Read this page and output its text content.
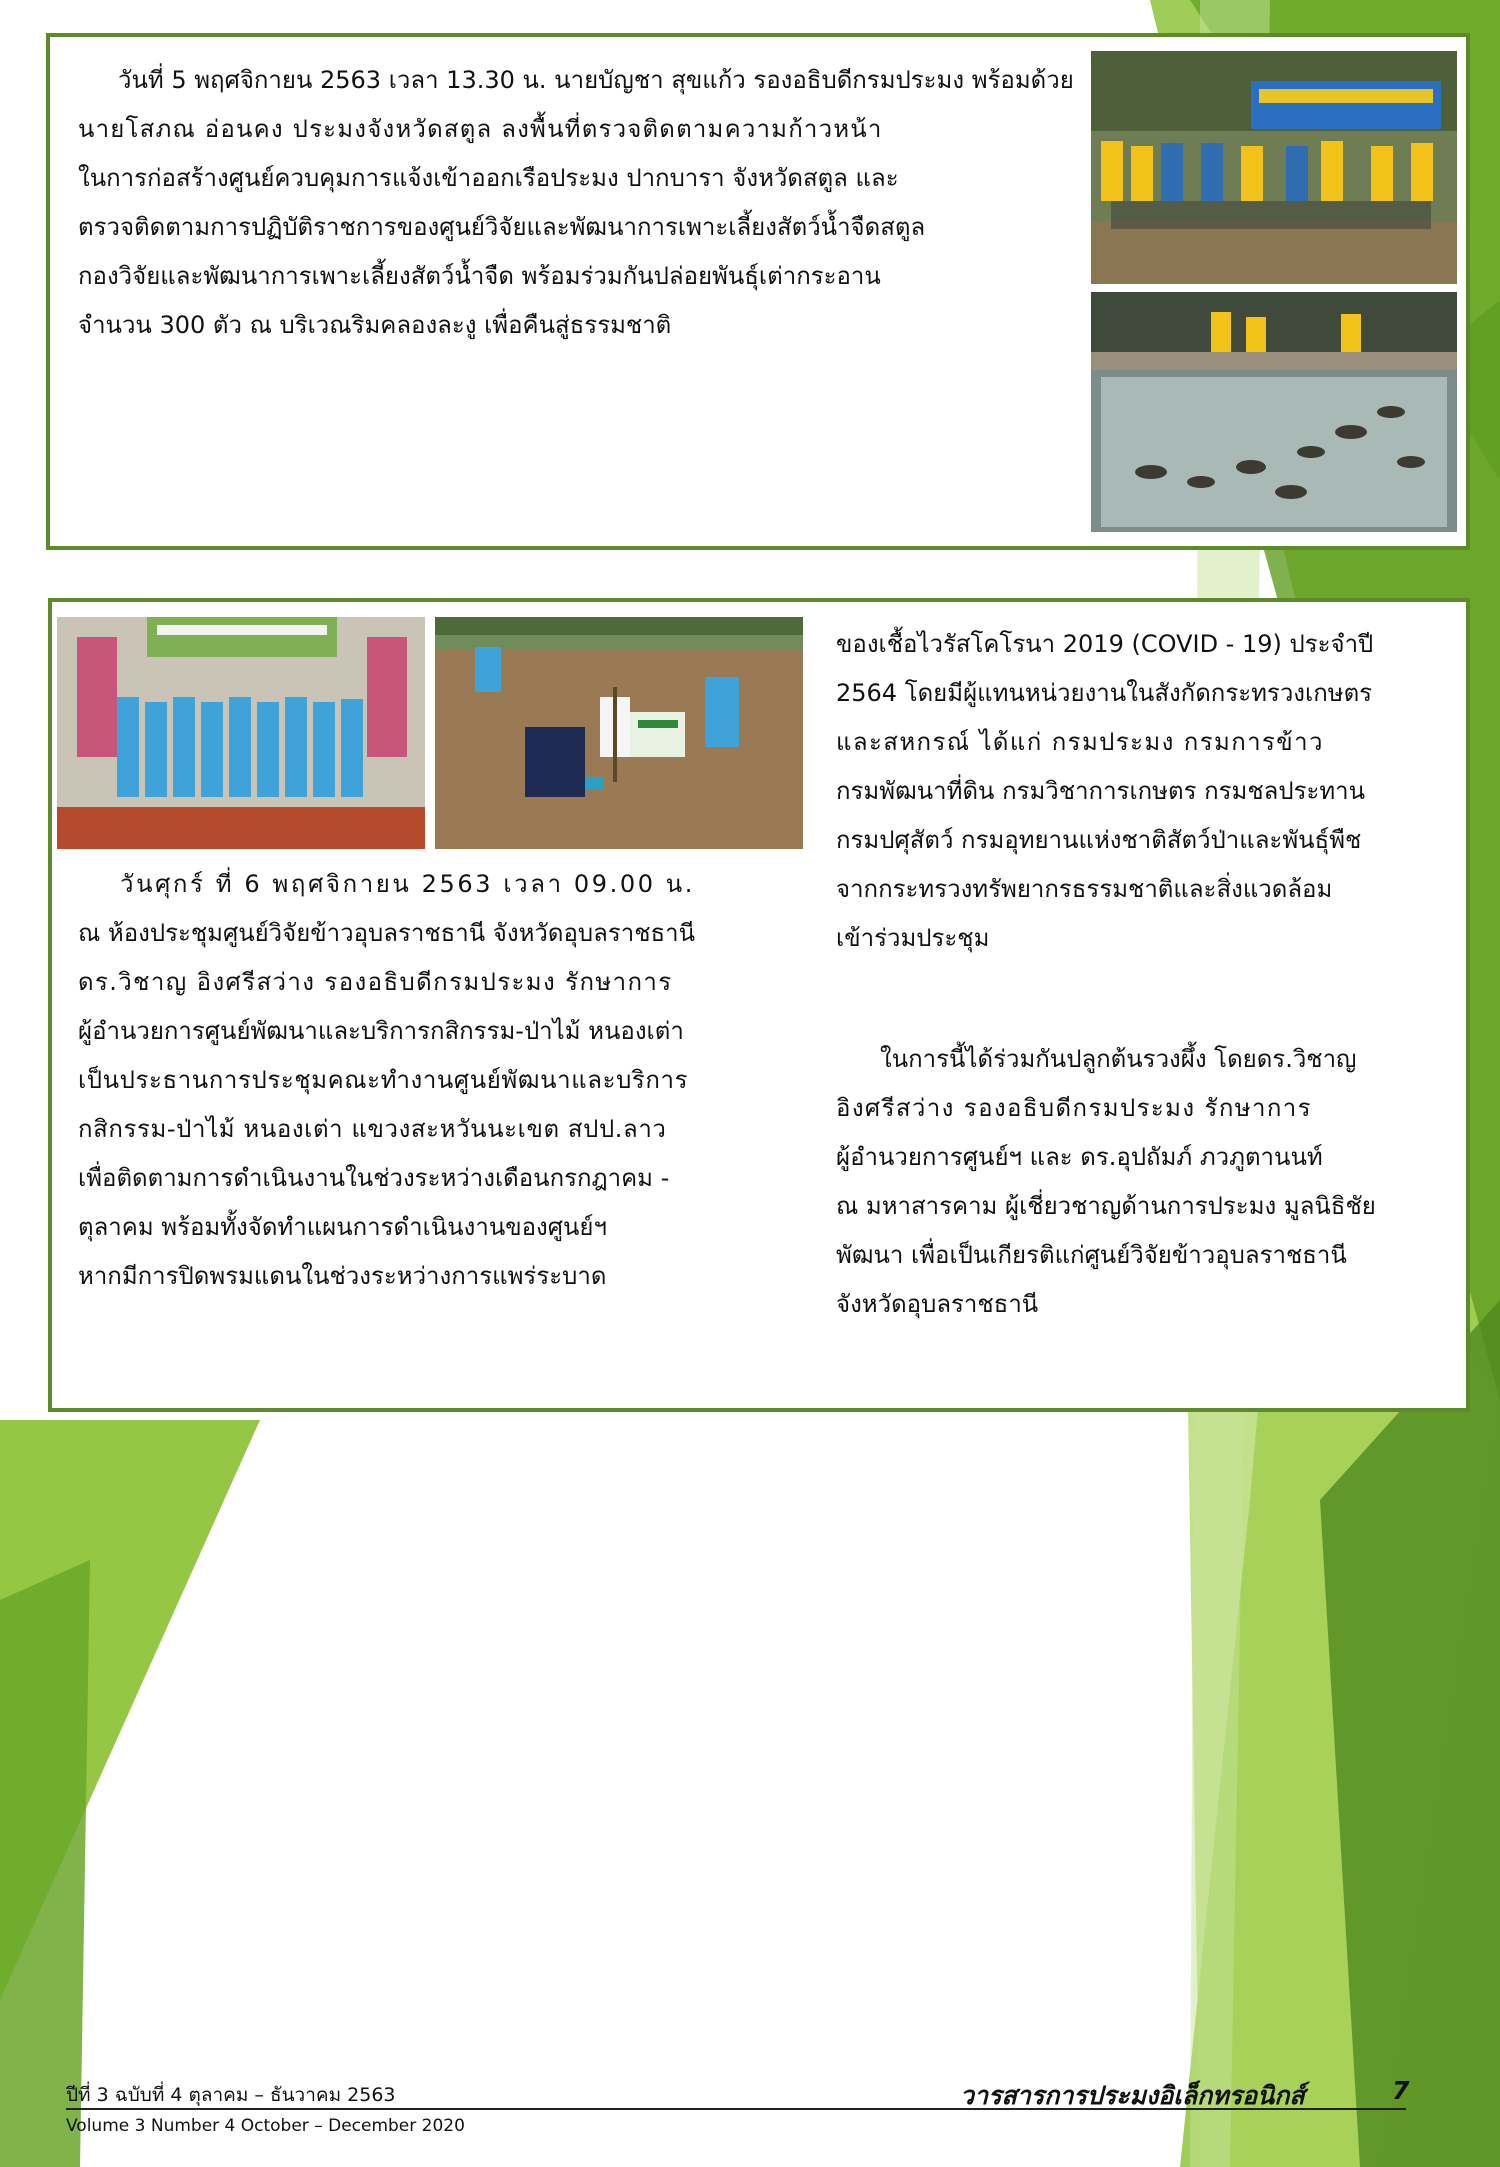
วันที่ 5 พฤศจิกายน 2563 เวลา 13.30 น. นายบัญชา สุขแก้ว รองอธิบดีกรมประมง พร้อมด้วย
นายโสภณ อ่อนคง ประมงจังหวัดสตูล ลงพื้นที่ตรวจติดตามความก้าวหน้า
ในการก่อสร้างศูนย์ควบคุมการแจ้งเข้าออกเรือประมง ปากบารา จังหวัดสตูล และ
ตรวจติดตามการปฏิบัติราชการของศูนย์วิจัยและพัฒนาการเพาะเลี้ยงสัตว์น้ำจืดสตูล
กองวิจัยและพัฒนาการเพาะเลี้ยงสัตว์น้ำจืด พร้อมร่วมกันปล่อยพันธุ์เต่ากระอาน
จำนวน 300 ตัว ณ บริเวณริมคลองละงู เพื่อคืนสู่ธรรมชาติ
วันศุกร์ ที่ 6 พฤศจิกายน 2563 เวลา 09.00 น.
ณ ห้องประชุมศูนย์วิจัยข้าวอุบลราชธานี จังหวัดอุบลราชธานี
ดร.วิชาญ อิงศรีสว่าง รองอธิบดีกรมประมง รักษาการ
ผู้อำนวยการศูนย์พัฒนาและบริการกสิกรรม-ป่าไม้ หนองเต่า
เป็นประธานการประชุมคณะทำงานศูนย์พัฒนาและบริการ
กสิกรรม-ป่าไม้ หนองเต่า แขวงสะหวันนะเขต สปป.ลาว
เพื่อติดตามการดำเนินงานในช่วงระหว่างเดือนกรกฎาคม -
ตุลาคม พร้อมทั้งจัดทำแผนการดำเนินงานของศูนย์ฯ
หากมีการปิดพรมแดนในช่วงระหว่างการแพร่ระบาด
ของเชื้อไวรัสโคโรนา 2019 (COVID - 19) ประจำปี
2564 โดยมีผู้แทนหน่วยงานในสังกัดกระทรวงเกษตร
และสหกรณ์ ได้แก่ กรมประมง กรมการข้าว
กรมพัฒนาที่ดิน กรมวิชาการเกษตร กรมชลประทาน
กรมปศุสัตว์ กรมอุทยานแห่งชาติสัตว์ป่าและพันธุ์พืช
จากกระทรวงทรัพยากรธรรมชาติและสิ่งแวดล้อม
เข้าร่วมประชุม
ในการนี้ได้ร่วมกันปลูกต้นรวงผึ้ง โดยดร.วิชาญ
อิงศรีสว่าง รองอธิบดีกรมประมง รักษาการ
ผู้อำนวยการศูนย์ฯ และ ดร.อุปถัมภ์ ภวภูตานนท์
ณ มหาสารคาม ผู้เชี่ยวชาญด้านการประมง มูลนิธิชัย
พัฒนา เพื่อเป็นเกียรติแก่ศูนย์วิจัยข้าวอุบลราชธานี
จังหวัดอุบลราชธานี
ปีที่ 3 ฉบับที่ 4 ตุลาคม – ธันวาคม 2563
Volume 3 Number 4 October – December 2020
วารสารการประมงอิเล็กทรอนิกส์	7
